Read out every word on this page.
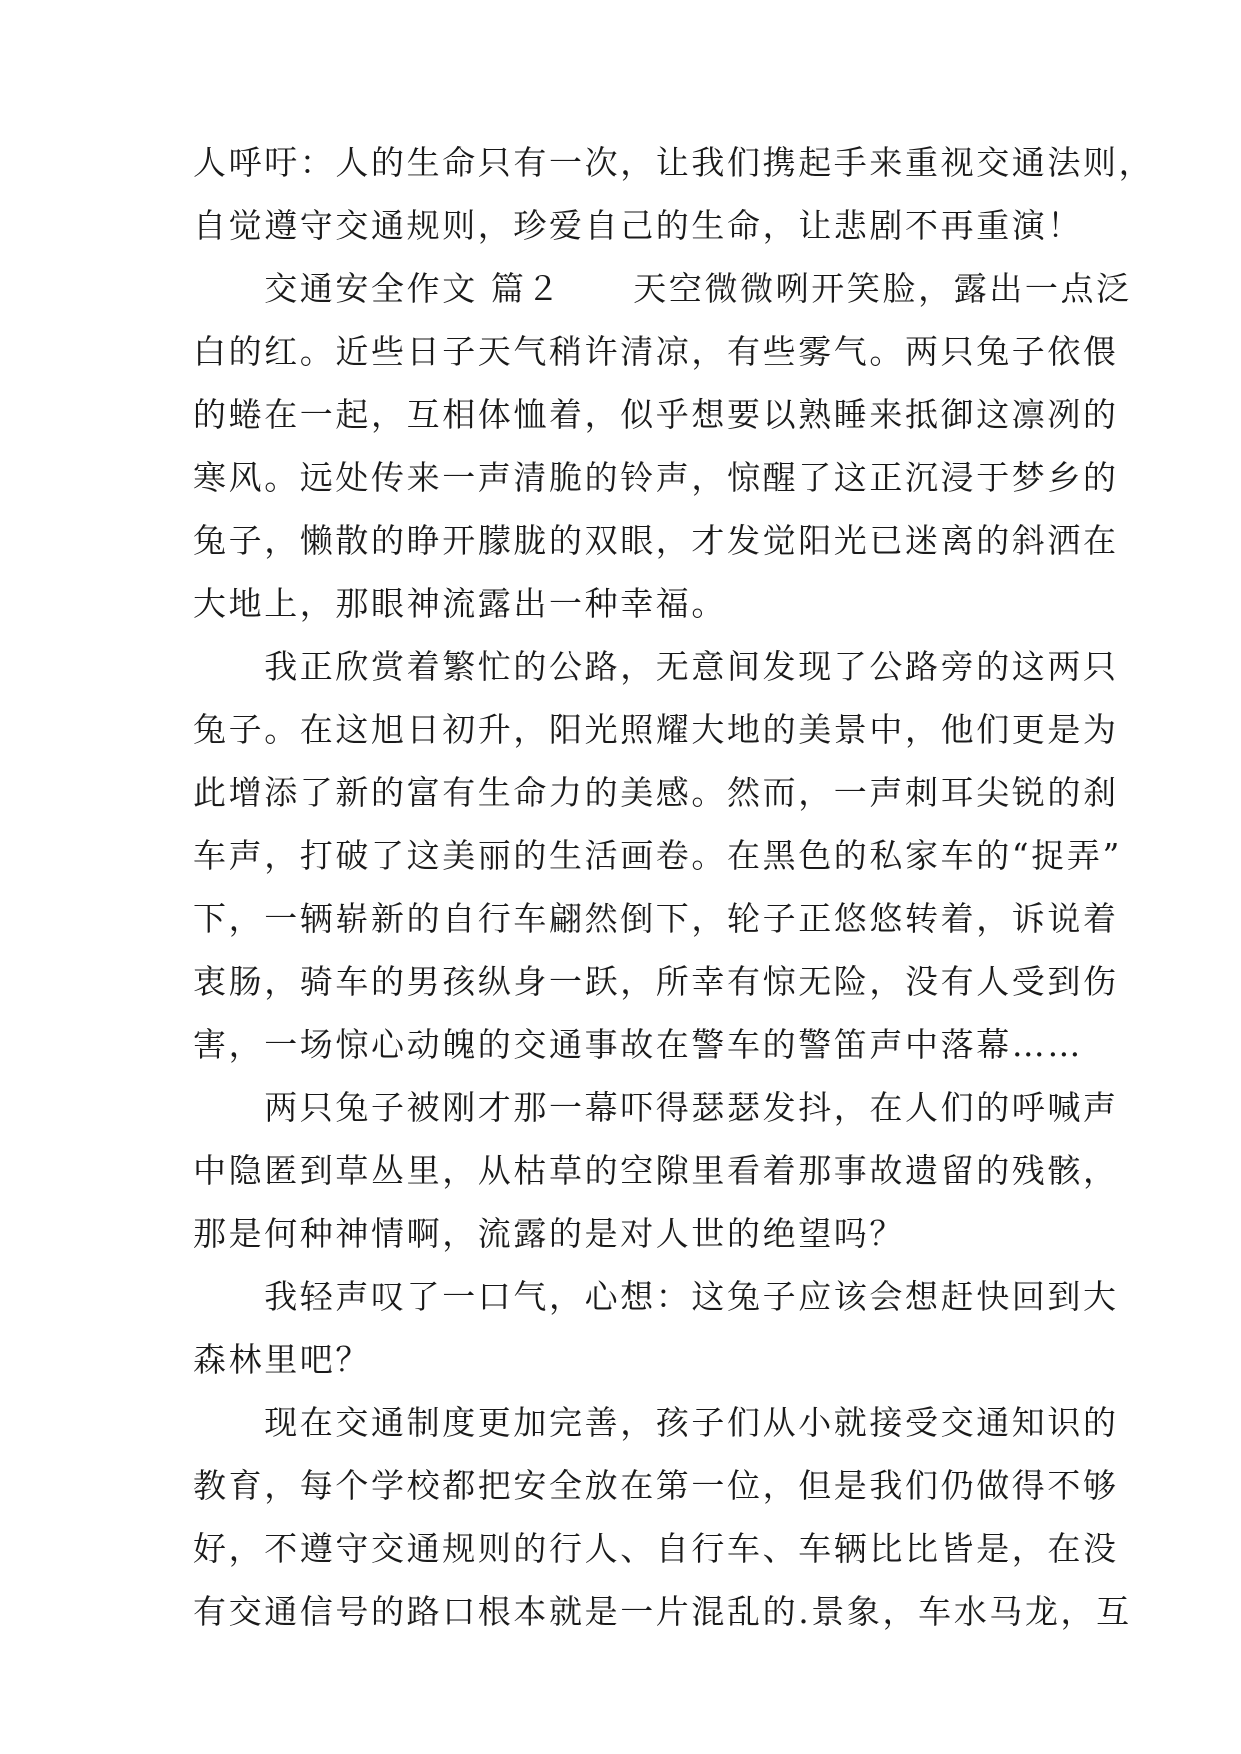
人呼吁：人的生命只有一次，让我们携起手来重视交通法则，
自觉遵守交通规则，珍爱自己的生命，让悲剧不再重演！
　　交通安全作文 篇２　　天空微微咧开笑脸，露出一点泛
白的红。近些日子天气稍许清凉，有些雾气。两只兔子依偎
的蜷在一起，互相体恤着，似乎想要以熟睡来抵御这凛冽的
寒风。远处传来一声清脆的铃声，惊醒了这正沉浸于梦乡的
兔子，懒散的睁开朦胧的双眼，才发觉阳光已迷离的斜洒在
大地上，那眼神流露出一种幸福。
　　我正欣赏着繁忙的公路，无意间发现了公路旁的这两只
兔子。在这旭日初升，阳光照耀大地的美景中，他们更是为
此增添了新的富有生命力的美感。然而，一声刺耳尖锐的刹
车声，打破了这美丽的生活画卷。在黑色的私家车的“捉弄”
下，一辆崭新的自行车翩然倒下，轮子正悠悠转着，诉说着
衷肠，骑车的男孩纵身一跃，所幸有惊无险，没有人受到伤
害，一场惊心动魄的交通事故在警车的警笛声中落幕……
　　两只兔子被刚才那一幕吓得瑟瑟发抖，在人们的呼喊声
中隐匿到草丛里，从枯草的空隙里看着那事故遗留的残骸，
那是何种神情啊，流露的是对人世的绝望吗？
　　我轻声叹了一口气，心想：这兔子应该会想赶快回到大
森林里吧？
　　现在交通制度更加完善，孩子们从小就接受交通知识的
教育，每个学校都把安全放在第一位，但是我们仍做得不够
好，不遵守交通规则的行人、自行车、车辆比比皆是，在没
有交通信号的路口根本就是一片混乱的.景象，车水马龙，互
